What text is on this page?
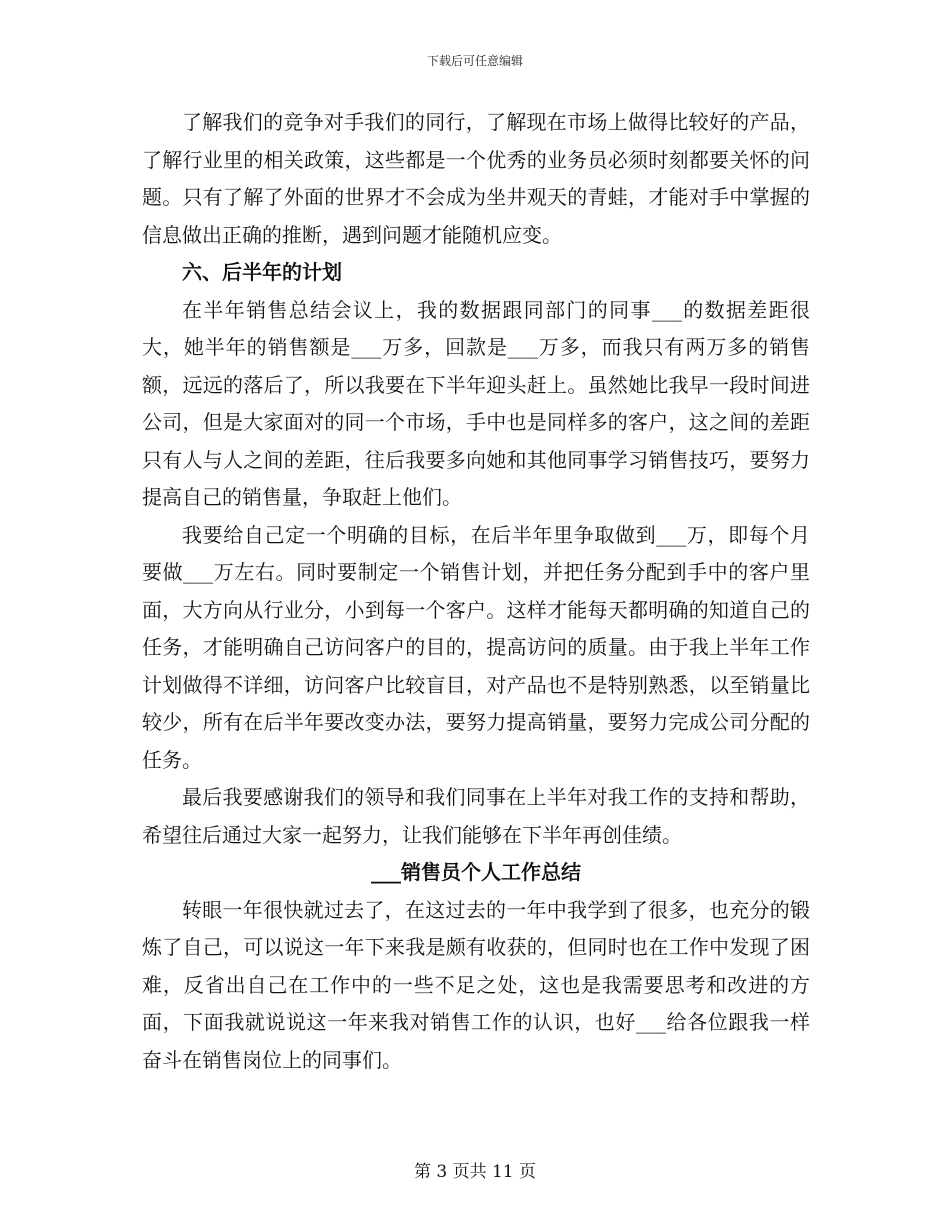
下载后可任意编辑

了解我们的竞争对手我们的同行，了解现在市场上做得比较好的产品，了解行业里的相关政策，这些都是一个优秀的业务员必须时刻都要关怀的问题。只有了解了外面的世界才不会成为坐井观天的青蛙，才能对手中掌握的信息做出正确的推断，遇到问题才能随机应变。

六、后半年的计划

在半年销售总结会议上，我的数据跟同部门的同事___的数据差距很大，她半年的销售额是___万多，回款是___万多，而我只有两万多的销售额，远远的落后了，所以我要在下半年迎头赶上。虽然她比我早一段时间进公司，但是大家面对的同一个市场，手中也是同样多的客户，这之间的差距只有人与人之间的差距，往后我要多向她和其他同事学习销售技巧，要努力提高自己的销售量，争取赶上他们。

我要给自己定一个明确的目标，在后半年里争取做到___万，即每个月要做___万左右。同时要制定一个销售计划，并把任务分配到手中的客户里面，大方向从行业分，小到每一个客户。这样才能每天都明确的知道自己的任务，才能明确自己访问客户的目的，提高访问的质量。由于我上半年工作计划做得不详细，访问客户比较盲目，对产品也不是特别熟悉，以至销量比较少，所有在后半年要改变办法，要努力提高销量，要努力完成公司分配的任务。

最后我要感谢我们的领导和我们同事在上半年对我工作的支持和帮助，希望往后通过大家一起努力，让我们能够在下半年再创佳绩。

___销售员个人工作总结

转眼一年很快就过去了，在这过去的一年中我学到了很多，也充分的锻炼了自己，可以说这一年下来我是颇有收获的，但同时也在工作中发现了困难，反省出自己在工作中的一些不足之处，这也是我需要思考和改进的方面，下面我就说说这一年来我对销售工作的认识，也好___给各位跟我一样奋斗在销售岗位上的同事们。

第 3 页共 11 页
